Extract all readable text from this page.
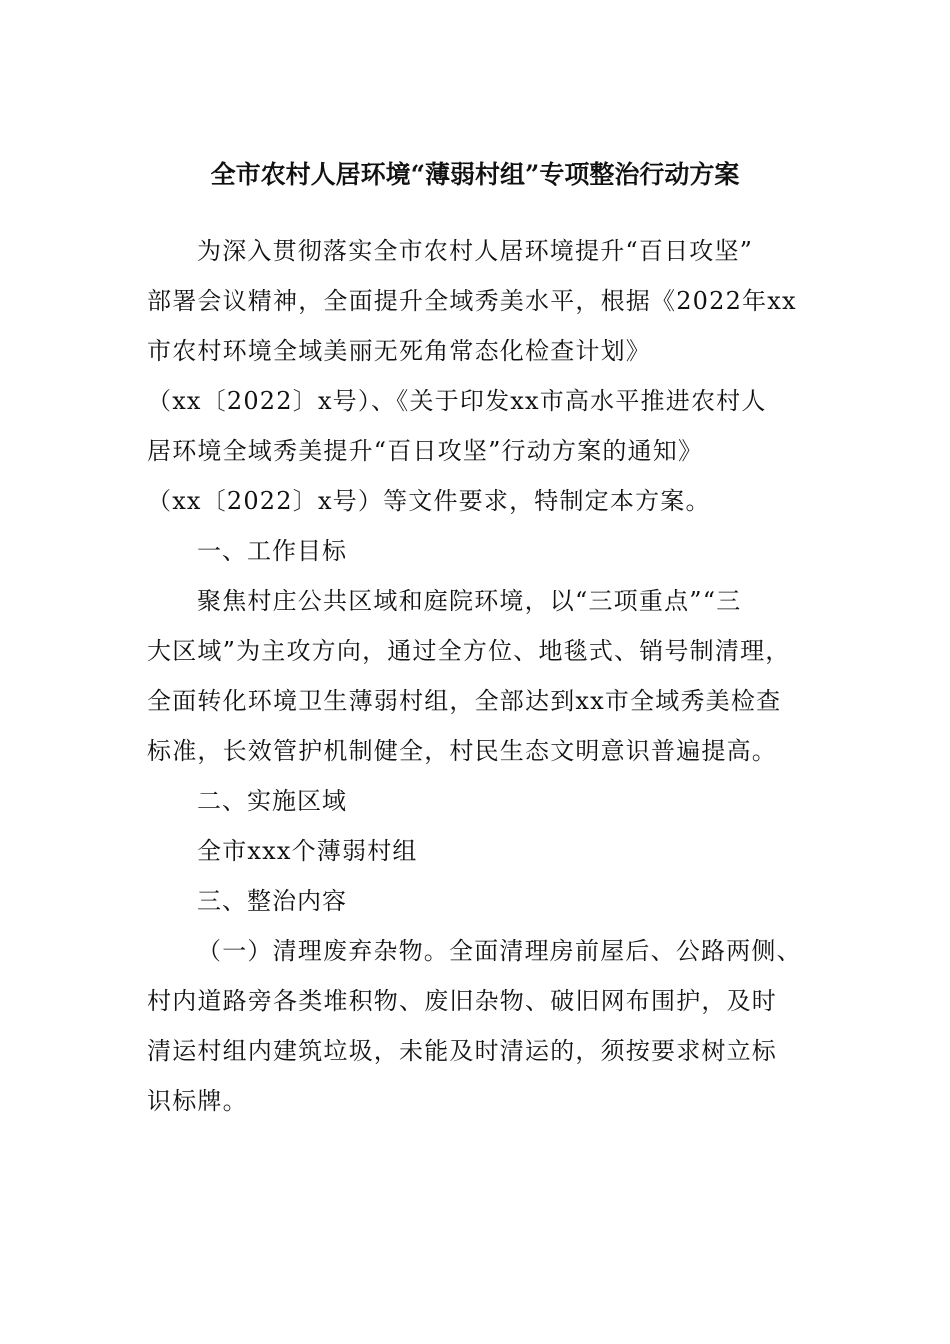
全市农村人居环境“薄弱村组”专项整治行动方案
为深入贯彻落实全市农村人居环境提升“百日攻坚”
部署会议精神，全面提升全域秀美水平，根据《2022年xx
市农村环境全域美丽无死角常态化检查计划》
（xx〔2022〕x号）、《关于印发xx市高水平推进农村人
居环境全域秀美提升“百日攻坚”行动方案的通知》
（xx〔2022〕x号）等文件要求，特制定本方案。
一、工作目标
聚焦村庄公共区域和庭院环境，以“三项重点”“三
大区域”为主攻方向，通过全方位、地毯式、销号制清理，
全面转化环境卫生薄弱村组，全部达到xx市全域秀美检查
标准，长效管护机制健全，村民生态文明意识普遍提高。
二、实施区域
全市xxx个薄弱村组
三、整治内容
（一）清理废弃杂物。全面清理房前屋后、公路两侧、
村内道路旁各类堆积物、废旧杂物、破旧网布围护，及时
清运村组内建筑垃圾，未能及时清运的，须按要求树立标
识标牌。
